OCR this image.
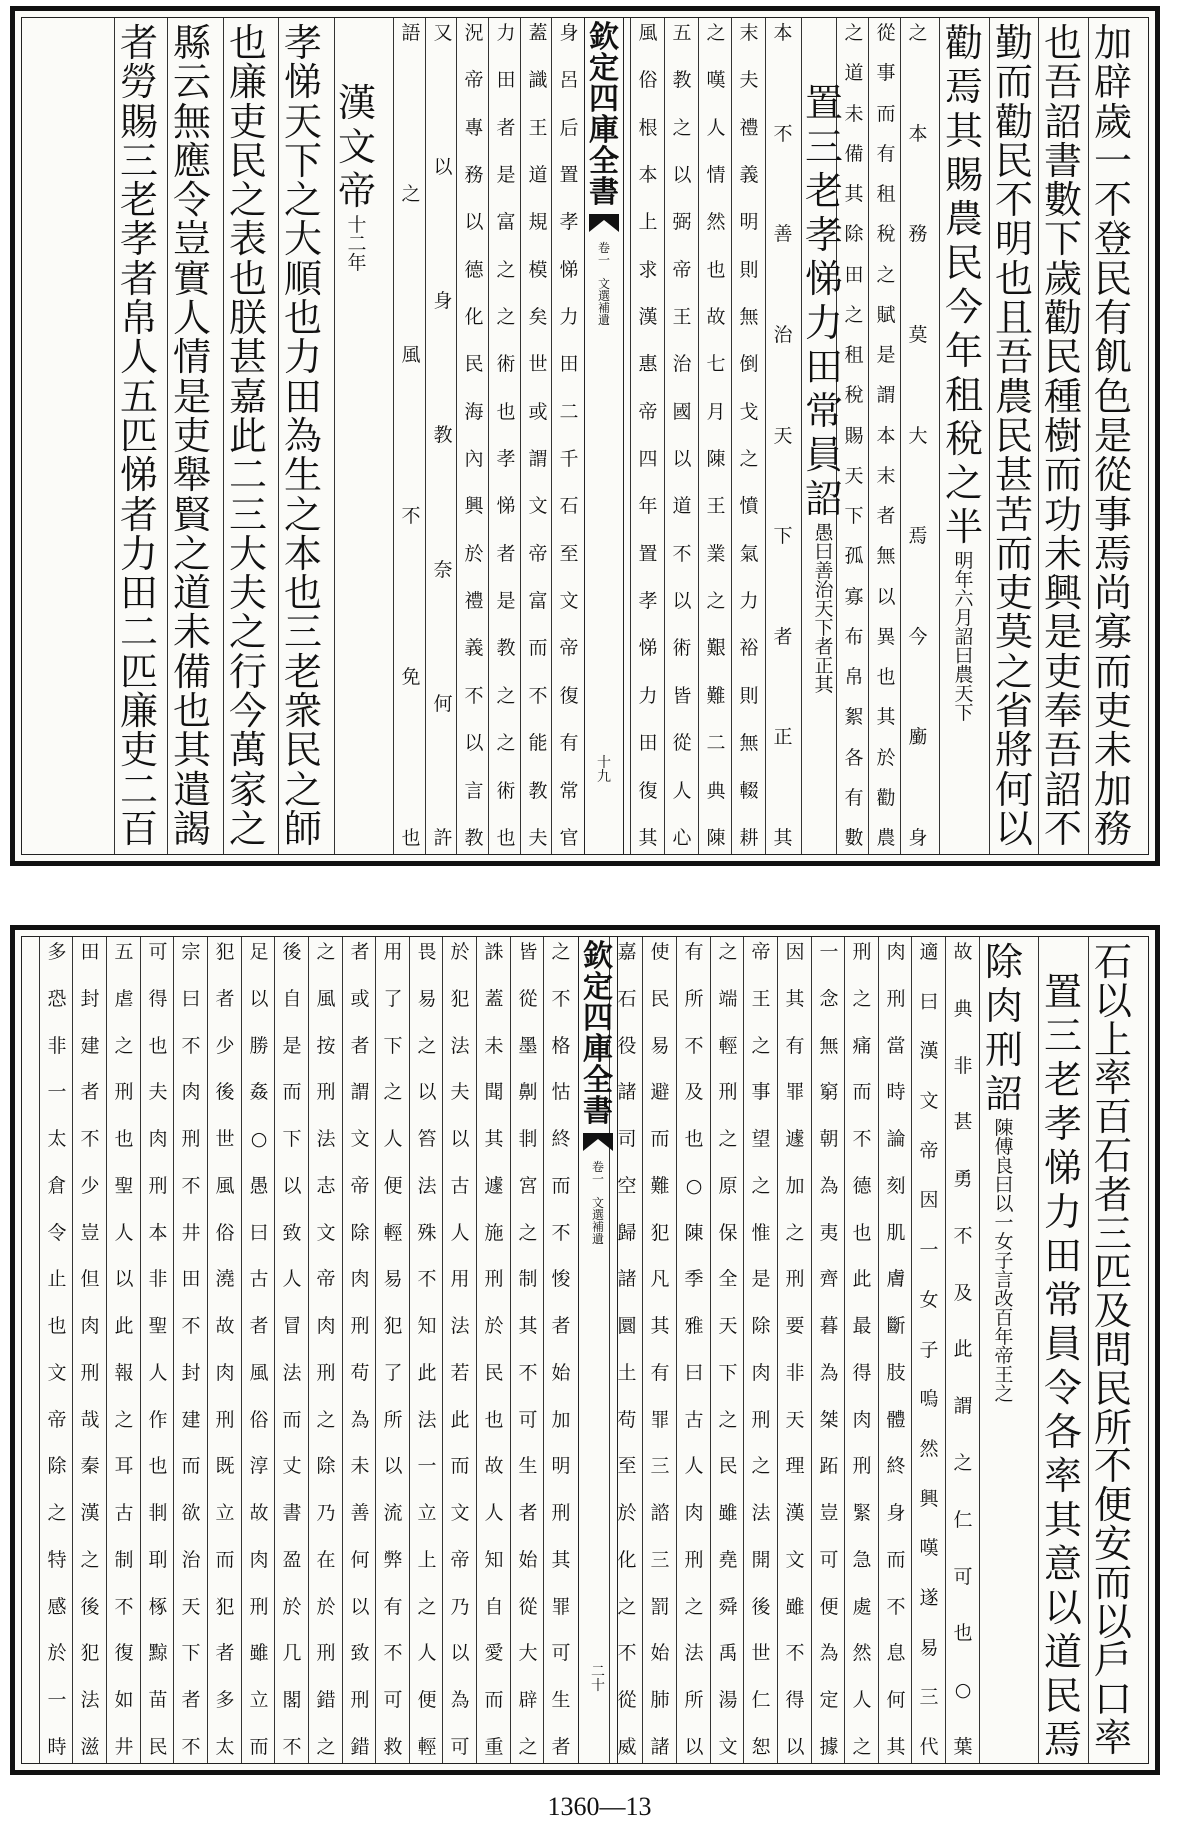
加
辟
歲
一
不
登
民
有
飢
色
是
從
事
焉
尚
寡
而
吏
未
加
務
也
吾
詔
書
數
下
歲
勸
民
種
樹
而
功
未
興
是
吏
奉
吾
詔
不
勤
而
勸
民
不
明
也
且
吾
農
民
甚
苦
而
吏
莫
之
省
將
何
以
勸
焉
其
賜
農
民
今
年
租
稅
之
半
明
年
六
月
詔
曰
農
天
下
之
本
務
莫
大
焉
今
㢙
身
從
事
而
有
租
稅
之
賦
是
謂
本
末
者
無
以
異
也
其
於
勸
農
之
道
未
備
其
除
田
之
租
稅
賜
天
下
孤
寡
布
帛
絮
各
有
數
置
三
老
孝
悌
力
田
常
員
詔
愚
曰
善
治
天
下
者
正
其
本
不
善
治
天
下
者
正
其
末
夫
禮
義
明
則
無
倒
戈
之
憤
氣
力
裕
則
無
輟
耕
之
嘆
人
情
然
也
故
七
月
陳
王
業
之
艱
難
二
典
陳
五
教
之
以
弼
帝
王
治
國
以
道
不
以
術
皆
從
人
心
風
俗
根
本
上
求
漢
惠
帝
四
年
置
孝
悌
力
田
復
其
身
呂
后
置
孝
悌
力
田
二
千
石
至
文
帝
復
有
常
官
蓋
識
王
道
規
模
矣
世
或
謂
文
帝
富
而
不
能
教
夫
力
田
者
是
富
之
之
術
也
孝
悌
者
是
教
之
之
術
也
況
帝
專
務
以
德
化
民
海
內
興
於
禮
義
不
以
言
教
又
以
身
教
奈
何
許
語
之
風
不
免
也
漢
文
帝
十
二
年
孝
悌
天
下
之
大
順
也
力
田
為
生
之
本
也
三
老
衆
民
之
師
也
廉
吏
民
之
表
也
朕
甚
嘉
此
二
三
大
夫
之
行
今
萬
家
之
縣
云
無
應
令
豈
實
人
情
是
吏
舉
賢
之
道
未
備
也
其
遣
謁
者
勞
賜
三
老
孝
者
帛
人
五
匹
悌
者
力
田
二
匹
廉
吏
二
百
欽
定
四
庫
全
書
卷
一

文
選
補
遺
十
九
石
以
上
率
百
石
者
三
匹
及
問
民
所
不
便
安
而
以
戶
口
率
置
三
老
孝
悌
力
田
常
員
令
各
率
其
意
以
道
民
焉
除
肉
刑
詔
陳
傅
良
曰
以
一
女
子
言
改
百
年
帝
王
之
故
典
非
甚
勇
不
及
此
謂
之
仁
可
也
○
葉
適
曰
漢
文
帝
因
一
女
子
嗚
然
興
嘆
遂
易
三
代
肉
刑
當
時
論
刻
肌
膚
斷
肢
體
終
身
而
不
息
何
其
刑
之
痛
而
不
德
也
此
最
得
肉
刑
緊
急
處
然
人
之
一
念
無
窮
朝
為
夷
齊
暮
為
桀
跖
豈
可
便
為
定
據
因
其
有
罪
遽
加
之
刑
要
非
天
理
漢
文
雖
不
得
以
帝
王
之
事
望
之
惟
是
除
肉
刑
之
法
開
後
世
仁
恕
之
端
輕
刑
之
原
保
全
天
下
之
民
雖
堯
舜
禹
湯
文
有
所
不
及
也
○
陳
季
雅
曰
古
人
肉
刑
之
法
所
以
使
民
易
避
而
難
犯
凡
其
有
罪
三
諮
三
罰
始
肺
諸
嘉
石
役
諸
司
空
歸
諸
圜
土
苟
至
於
化
之
不
從
威
之
不
格
怙
終
而
不
悛
者
始
加
明
刑
其
罪
可
生
者
皆
從
墨
劓
剕
宮
之
制
其
不
可
生
者
始
從
大
辟
之
誅
蓋
未
聞
其
遽
施
刑
於
民
也
故
人
知
自
愛
而
重
於
犯
法
夫
以
古
人
用
法
若
此
而
文
帝
乃
以
為
可
畏
易
之
以
笞
法
殊
不
知
此
法
一
立
上
之
人
便
輕
用
了
下
之
人
便
輕
易
犯
了
所
以
流
弊
有
不
可
救
者
或
者
謂
文
帝
除
肉
刑
苟
為
未
善
何
以
致
刑
錯
之
風
按
刑
法
志
文
帝
肉
刑
之
除
乃
在
於
刑
錯
之
後
自
是
而
下
以
致
人
冒
法
而
丈
書
盈
於
几
閣
不
足
以
勝
姦
○
愚
曰
古
者
風
俗
淳
故
肉
刑
雖
立
而
犯
者
少
後
世
風
俗
澆
故
肉
刑
既
立
而
犯
者
多
太
宗
曰
不
肉
刑
不
井
田
不
封
建
而
欲
治
天
下
者
不
可
得
也
夫
肉
刑
本
非
聖
人
作
也
剕
刵
椓
黥
苗
民
五
虐
之
刑
也
聖
人
以
此
報
之
耳
古
制
不
復
如
井
田
封
建
者
不
少
豈
但
肉
刑
哉
秦
漢
之
後
犯
法
滋
多
恐
非
一
太
倉
令
止
也
文
帝
除
之
特
感
於
一
時
欽
定
四
庫
全
書
卷
一

文
選
補
遺
二
十
1360—13
